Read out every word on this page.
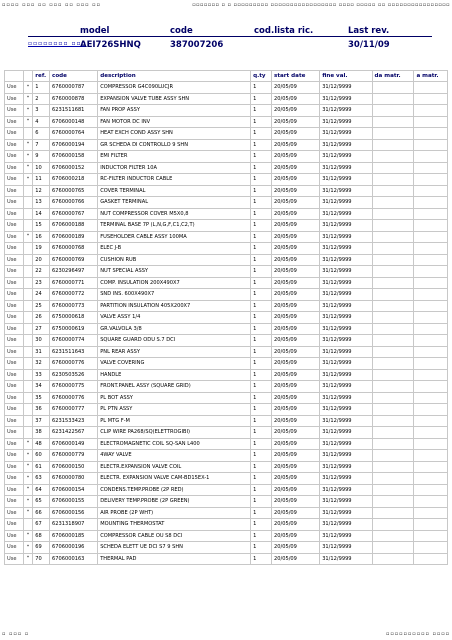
▫▫▫▫ ▫▫▫ ▫▫ ▫▫▫ ▫▫ ▫▫▫ ▫▫	▫▫▫▫▫▫▫ ▫ ▫ ▫▫▫▫▫▫▫▫▫ ▫▫▫▫▫▫▫▫▫▫▫▫▫▫▫▫▫ ▫▫▫▫ ▫▫▫▫▫ ▫▫ ▫▫▫▫▫▫▫▫▫▫▫▫▫▫▫▫
model	code	cod.lista ric.	Last rev.
▫▫▫▫▫▫▫▫ ▫▫▫
AEI726SHNQ	387007206	30/11/09
		ref.	code	description	q.ty	start date	fine val.	da matr.	a matr.
Use	*	1	6760000787	COMPRESSOR G4C090LUCJR	1	20/05/09	31/12/9999		
Use	*	2	6760000878	EXPANSION VALVE TUBE ASSY SHN	1	20/05/09	31/12/9999		
Use	*	3	6231511681	FAN PROP ASSY	1	20/05/09	31/12/9999		
Use	*	4	6706000148	FAN MOTOR DC INV	1	20/05/09	31/12/9999		
Use		6	6760000764	HEAT EXCH COND ASSY SHN	1	20/05/09	31/12/9999		
Use	*	7	6706000194	GR SCHEDA DI CONTROLLO 9 SHN	1	20/05/09	31/12/9999		
Use	*	9	6706000158	EMI FILTER	1	20/05/09	31/12/9999		
Use	*	10	6706000152	INDUCTOR FILTER 10A	1	20/05/09	31/12/9999		
Use	*	11	6706000218	RC-FILTER INDUCTOR CABLE	1	20/05/09	31/12/9999		
Use		12	6760000765	COVER TERMINAL	1	20/05/09	31/12/9999		
Use		13	6760000766	GASKET TERMINAL	1	20/05/09	31/12/9999		
Use		14	6760000767	NUT COMPRESSOR COVER M5X0,8	1	20/05/09	31/12/9999		
Use		15	6706000188	TERMINAL BASE 7P (L,N,G,F,C1,C2,T)	1	20/05/09	31/12/9999		
Use	*	16	6706000189	FUSEHOLDER CABLE ASSY 100MA	1	20/05/09	31/12/9999		
Use		19	6760000768	ELEC J-B	1	20/05/09	31/12/9999		
Use		20	6760000769	CUSHION RUB	1	20/05/09	31/12/9999		
Use		22	6230296497	NUT SPECIAL ASSY	1	20/05/09	31/12/9999		
Use		23	6760000771	COMP. INSULATION 200X490X7	1	20/05/09	31/12/9999		
Use		24	6760000772	SND INS. 600X490X7	1	20/05/09	31/12/9999		
Use		25	6760000773	PARTITION INSULATION 405X200X7	1	20/05/09	31/12/9999		
Use		26	6750000618	VALVE ASSY 1/4	1	20/05/09	31/12/9999		
Use		27	6750000619	GR.VALVOLA 3/8	1	20/05/09	31/12/9999		
Use		30	6760000774	SQUARE GUARD ODU S.7 DCI	1	20/05/09	31/12/9999		
Use		31	6231511643	PNL REAR ASSY	1	20/05/09	31/12/9999		
Use		32	6760000776	VALVE COVERING	1	20/05/09	31/12/9999		
Use		33	6230503526	HANDLE	1	20/05/09	31/12/9999		
Use		34	6760000775	FRONT.PANEL ASSY (SQUARE GRID)	1	20/05/09	31/12/9999		
Use		35	6760000776	PL BOT ASSY	1	20/05/09	31/12/9999		
Use		36	6760000777	PL PTN ASSY	1	20/05/09	31/12/9999		
Use		37	6231533423	PL MTG F-M	1	20/05/09	31/12/9999		
Use		38	6231422567	CLIP WIRE PA268/SQ(ELETTROGIBI)	1	20/05/09	31/12/9999		
Use	*	48	6706000149	ELECTROMAGNETIC COIL SQ-SAN L400	1	20/05/09	31/12/9999		
Use	*	60	6760000779	4WAY VALVE	1	20/05/09	31/12/9999		
Use	*	61	6706000150	ELECTR.EXPANSION VALVE COIL	1	20/05/09	31/12/9999		
Use	*	63	6760000780	ELECTR. EXPANSION VALVE CAM-BD15EX-1	1	20/05/09	31/12/9999		
Use	*	64	6706000154	CONDENS.TEMP.PROBE (2P RED)	1	20/05/09	31/12/9999		
Use	*	65	6706000155	DELIVERY TEMP.PROBE (2P GREEN)	1	20/05/09	31/12/9999		
Use	*	66	6706000156	AIR PROBE (2P WHT)	1	20/05/09	31/12/9999		
Use		67	6231318907	MOUNTING THERMOSTAT	1	20/05/09	31/12/9999		
Use	*	68	6706000185	COMPRESSOR CABLE OU S8 DCI	1	20/05/09	31/12/9999		
Use	*	69	6706000196	SCHEDA ELETT UE DCI S7 9 SHN	1	20/05/09	31/12/9999		
Use	*	70	6706000163	THERMAL PAD	1	20/05/09	31/12/9999		
▫ ▫▫▫ ▫	▫▫▫▫▫▫▫▫▫▫ ▫▫▫▫
